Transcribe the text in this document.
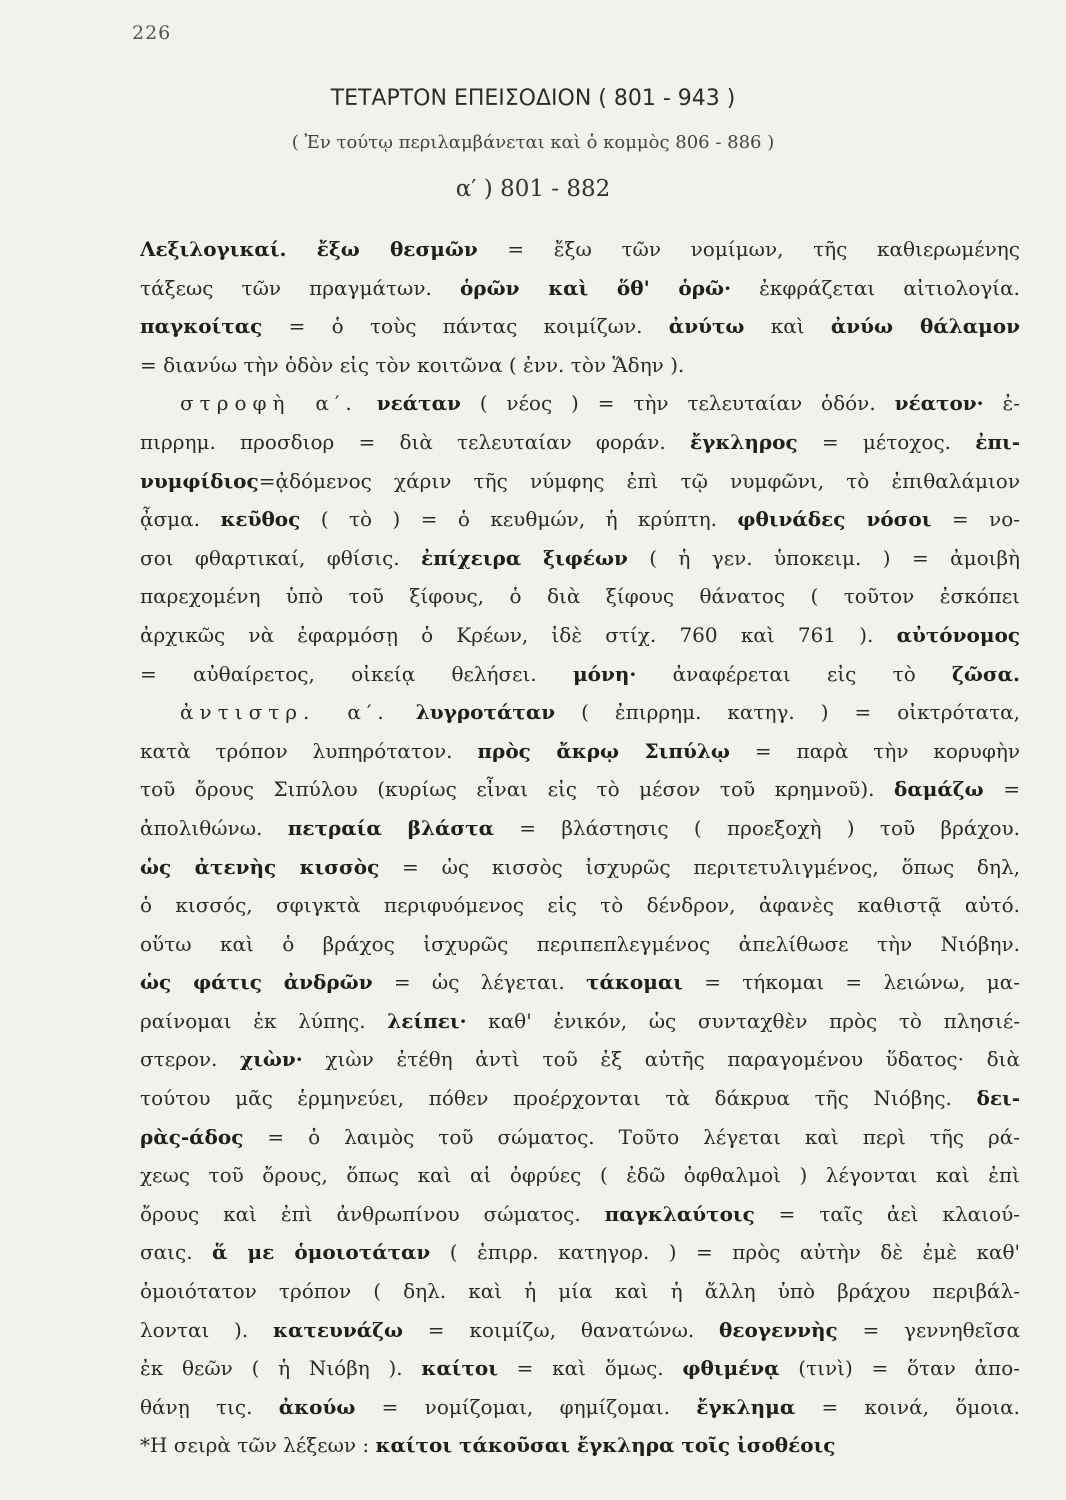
226
ΤΕΤΑΡΤΟΝ ΕΠΕΙΣΟΔΙΟΝ ( 801 - 943 )
( Ἐν τούτῳ περιλαμβάνεται καὶ ὁ κομμὸς 806 - 886 )
α′ ) 801 - 882
Λεξιλογικαί. ἔξω θεσμῶν = ἔξω τῶν νομίμων, τῆς καθιερωμένης
τάξεως τῶν πραγμάτων. ὁρῶν καὶ ὅθ' ὁρῶ· ἐκφράζεται αἰτιολογία.
παγκοίτας = ὁ τοὺς πάντας κοιμίζων. ἀνύτω καὶ ἀνύω θάλαμον
= διανύω τὴν ὁδὸν εἰς τὸν κοιτῶνα ( ἐνν. τὸν Ἅδην ).
στροφὴ α′. νεάταν ( νέος ) = τὴν τελευταίαν ὁδόν. νέατον· ἐ-
πιρρημ. προσδιορ = διὰ τελευταίαν φοράν. ἔγκληρος = μέτοχος. ἐπι-
νυμφίδιος=ᾀδόμενος χάριν τῆς νύμφης ἐπὶ τῷ νυμφῶνι, τὸ ἐπιθαλάμιον
ᾆσμα. κεῦθος ( τὸ ) = ὁ κευθμών, ἡ κρύπτη. φθινάδες νόσοι = νο-
σοι φθαρτικαί, φθίσις. ἐπίχειρα ξιφέων ( ἡ γεν. ὑποκειμ. ) = ἀμοιβὴ
παρεχομένη ὑπὸ τοῦ ξίφους, ὁ διὰ ξίφους θάνατος ( τοῦτον ἐσκόπει
ἀρχικῶς νὰ ἐφαρμόσῃ ὁ Κρέων, ἰδὲ στίχ. 760 καὶ 761 ). αὐτόνομος
= αὐθαίρετος, οἰκείᾳ θελήσει. μόνη· ἀναφέρεται εἰς τὸ ζῶσα.
ἀντιστρ. α′. λυγροτάταν ( ἐπιρρημ. κατηγ. ) = οἰκτρότατα,
κατὰ τρόπον λυπηρότατον. πρὸς ἄκρῳ Σιπύλῳ = παρὰ τὴν κορυφὴν
τοῦ ὄρους Σιπύλου (κυρίως εἶναι εἰς τὸ μέσον τοῦ κρημνοῦ). δαμάζω =
ἀπολιθώνω. πετραία βλάστα = βλάστησις ( προεξοχὴ ) τοῦ βράχου.
ὡς ἀτενὴς κισσὸς = ὡς κισσὸς ἰσχυρῶς περιτετυλιγμένος, ὅπως δηλ,
ὁ κισσός, σφιγκτὰ περιφυόμενος εἰς τὸ δένδρον, ἀφανὲς καθιστᾷ αὐτό.
οὕτω καὶ ὁ βράχος ἰσχυρῶς περιπεπλεγμένος ἀπελίθωσε τὴν Νιόβην.
ὡς φάτις ἀνδρῶν = ὡς λέγεται. τάκομαι = τήκομαι = λειώνω, μα-
ραίνομαι ἐκ λύπης. λείπει· καθ' ἑνικόν, ὡς συνταχθὲν πρὸς τὸ πλησιέ-
στερον. χιὼν· χιὼν ἐτέθη ἀντὶ τοῦ ἐξ αὐτῆς παραγομένου ὕδατος· διὰ
τούτου μᾶς ἑρμηνεύει, πόθεν προέρχονται τὰ δάκρυα τῆς Νιόβης. δει-
ρὰς-άδος = ὁ λαιμὸς τοῦ σώματος. Τοῦτο λέγεται καὶ περὶ τῆς ρά-
χεως τοῦ ὄρους, ὅπως καὶ αἱ ὀφρύες ( ἐδῶ ὀφθαλμοὶ ) λέγονται καὶ ἐπὶ
ὄρους καὶ ἐπὶ ἀνθρωπίνου σώματος. παγκλαύτοις = ταῖς ἀεὶ κλαιού-
σαις. ἅ με ὁμοιοτάταν ( ἐπιρρ. κατηγορ. ) = πρὸς αὐτὴν δὲ ἐμὲ καθ'
ὁμοιότατον τρόπον ( δηλ. καὶ ἡ μία καὶ ἡ ἄλλη ὑπὸ βράχου περιβάλ-
λονται ). κατευνάζω = κοιμίζω, θανατώνω. θεογεννὴς = γεννηθεῖσα
ἐκ θεῶν ( ἡ Νιόβη ). καίτοι = καὶ ὅμως. φθιμένᾳ (τινὶ) = ὅταν ἀπο-
θάνῃ τις. ἀκούω = νομίζομαι, φημίζομαι. ἔγκλημα = κοινά, ὅμοια.
*Η σειρὰ τῶν λέξεων : καίτοι τάκοῦσαι ἔγκληρα τοῖς ἰσοθέοις
